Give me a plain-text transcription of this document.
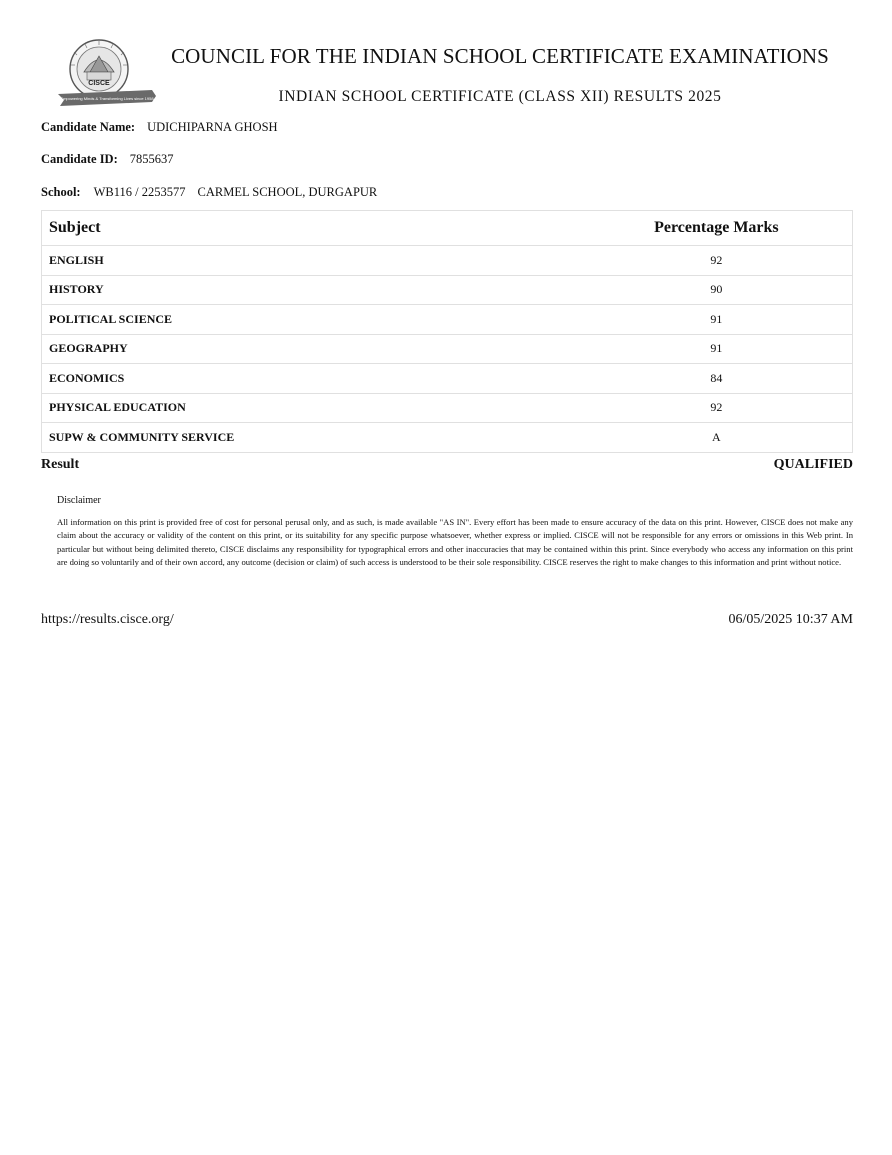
CISCE
Empowering Minds & Transforming Lives since 1958
COUNCIL FOR THE INDIAN SCHOOL CERTIFICATE EXAMINATIONS
INDIAN SCHOOL CERTIFICATE (CLASS XII) RESULTS 2025
Candidate Name: UDICHIPARNA GHOSH
Candidate ID: 7855637
School: WB116 / 2253577 CARMEL SCHOOL, DURGAPUR
Subject	Percentage Marks
ENGLISH	92
HISTORY	90
POLITICAL SCIENCE	91
GEOGRAPHY	91
ECONOMICS	84
PHYSICAL EDUCATION	92
SUPW & COMMUNITY SERVICE	A
Result	QUALIFIED
Disclaimer
All information on this print is provided free of cost for personal perusal only, and as such, is made available "AS IN". Every effort has been made to ensure accuracy of the data on this print. However, CISCE does not make any claim about the accuracy or validity of the content on this print, or its suitability for any specific purpose whatsoever, whether express or implied. CISCE will not be responsible for any errors or omissions in this Web print. In particular but without being delimited thereto, CISCE disclaims any responsibility for typographical errors and other inaccuracies that may be contained within this print. Since everybody who access any information on this print are doing so voluntarily and of their own accord, any outcome (decision or claim) of such access is understood to be their sole responsibility. CISCE reserves the right to make changes to this information and print without notice.
https://results.cisce.org/	06/05/2025 10:37 AM
